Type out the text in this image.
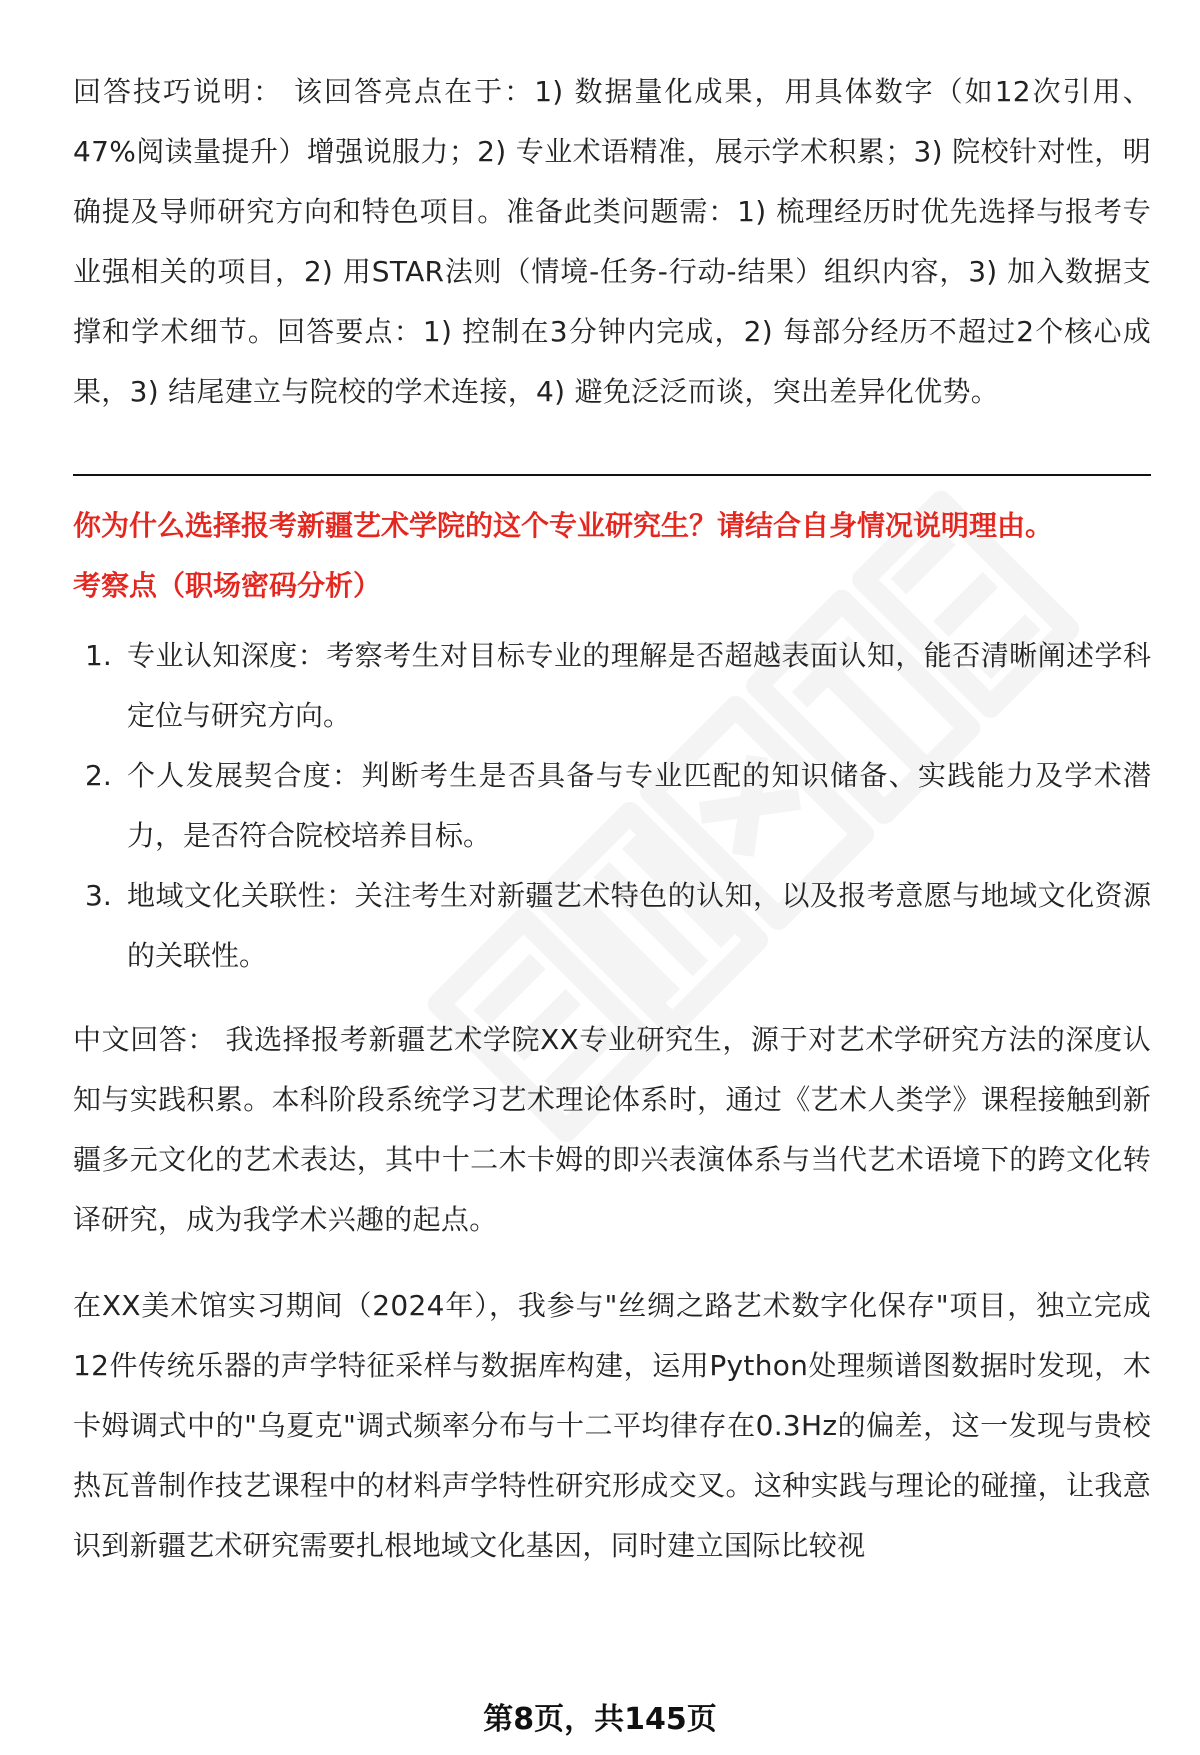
回答技巧说明： 该回答亮点在于：1) 数据量化成果，用具体数字（如12次引用、47%阅读量提升）增强说服力；2) 专业术语精准，展示学术积累；3) 院校针对性，明确提及导师研究方向和特色项目。准备此类问题需：1) 梳理经历时优先选择与报考专业强相关的项目，2) 用STAR法则（情境-任务-行动-结果）组织内容，3) 加入数据支撑和学术细节。回答要点：1) 控制在3分钟内完成，2) 每部分经历不超过2个核心成果，3) 结尾建立与院校的学术连接，4) 避免泛泛而谈，突出差异化优势。

你为什么选择报考新疆艺术学院的这个专业研究生？请结合自身情况说明理由。

考察点（职场密码分析）

1. 专业认知深度：考察考生对目标专业的理解是否超越表面认知，能否清晰阐述学科定位与研究方向。
2. 个人发展契合度：判断考生是否具备与专业匹配的知识储备、实践能力及学术潜力，是否符合院校培养目标。
3. 地域文化关联性：关注考生对新疆艺术特色的认知，以及报考意愿与地域文化资源的关联性。

中文回答： 我选择报考新疆艺术学院XX专业研究生，源于对艺术学研究方法的深度认知与实践积累。本科阶段系统学习艺术理论体系时，通过《艺术人类学》课程接触到新疆多元文化的艺术表达，其中十二木卡姆的即兴表演体系与当代艺术语境下的跨文化转译研究，成为我学术兴趣的起点。

在XX美术馆实习期间（2024年），我参与"丝绸之路艺术数字化保存"项目，独立完成12件传统乐器的声学特征采样与数据库构建，运用Python处理频谱图数据时发现，木卡姆调式中的"乌夏克"调式频率分布与十二平均律存在0.3Hz的偏差，这一发现与贵校热瓦普制作技艺课程中的材料声学特性研究形成交叉。这种实践与理论的碰撞，让我意识到新疆艺术研究需要扎根地域文化基因，同时建立国际比较视

第8页，共145页
